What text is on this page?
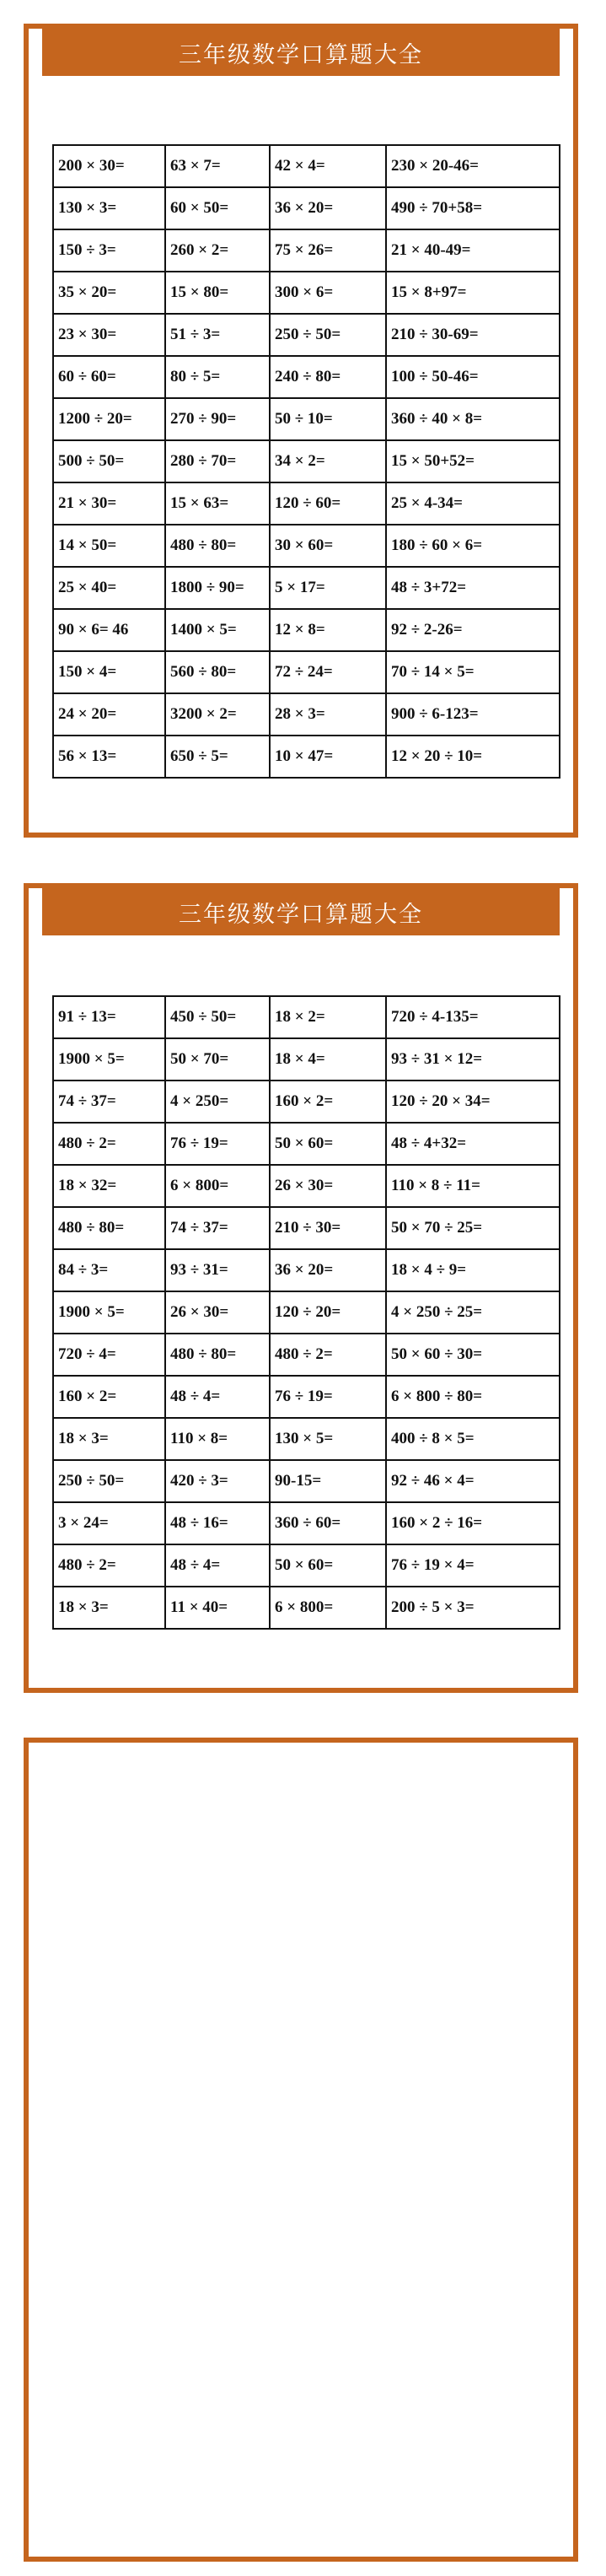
三年级数学口算题大全
200 × 30=	63 × 7=	42 × 4=	230 × 20-46=
130 × 3=	60 × 50=	36 × 20=	490 ÷ 70+58=
150 ÷ 3=	260 × 2=	75 × 26=	21 × 40-49=
35 × 20=	15 × 80=	300 × 6=	15 × 8+97=
23 × 30=	51 ÷ 3=	250 ÷ 50=	210 ÷ 30-69=
60 ÷ 60=	80 ÷ 5=	240 ÷ 80=	100 ÷ 50-46=
1200 ÷ 20=	270 ÷ 90=	50 ÷ 10=	360 ÷ 40 × 8=
500 ÷ 50=	280 ÷ 70=	34 × 2=	15 × 50+52=
21 × 30=	15 × 63=	120 ÷ 60=	25 × 4-34=
14 × 50=	480 ÷ 80=	30 × 60=	180 ÷ 60 × 6=
25 × 40=	1800 ÷ 90=	5 × 17=	48 ÷ 3+72=
90 × 6= 46	1400 × 5=	12 × 8=	92 ÷ 2-26=
150 × 4=	560 ÷ 80=	72 ÷ 24=	70 ÷ 14 × 5=
24 × 20=	3200 × 2=	28 × 3=	900 ÷ 6-123=
56 × 13=	650 ÷ 5=	10 × 47=	12 × 20 ÷ 10=
三年级数学口算题大全
91 ÷ 13=	450 ÷ 50=	18 × 2=	720 ÷ 4-135=
1900 × 5=	50 × 70=	18 × 4=	93 ÷ 31 × 12=
74 ÷ 37=	4 × 250=	160 × 2=	120 ÷ 20 × 34=
480 ÷ 2=	76 ÷ 19=	50 × 60=	48 ÷ 4+32=
18 × 32=	6 × 800=	26 × 30=	110 × 8 ÷ 11=
480 ÷ 80=	74 ÷ 37=	210 ÷ 30=	50 × 70 ÷ 25=
84 ÷ 3=	93 ÷ 31=	36 × 20=	18 × 4 ÷ 9=
1900 × 5=	26 × 30=	120 ÷ 20=	4 × 250 ÷ 25=
720 ÷ 4=	480 ÷ 80=	480 ÷ 2=	50 × 60 ÷ 30=
160 × 2=	48 ÷ 4=	76 ÷ 19=	6 × 800 ÷ 80=
18 × 3=	110 × 8=	130 × 5=	400 ÷ 8 × 5=
250 ÷ 50=	420 ÷ 3=	90-15=	92 ÷ 46 × 4=
3 × 24=	48 ÷ 16=	360 ÷ 60=	160 × 2 ÷ 16=
480 ÷ 2=	48 ÷ 4=	50 × 60=	76 ÷ 19 × 4=
18 × 3=	11 × 40=	6 × 800=	200 ÷ 5 × 3=
